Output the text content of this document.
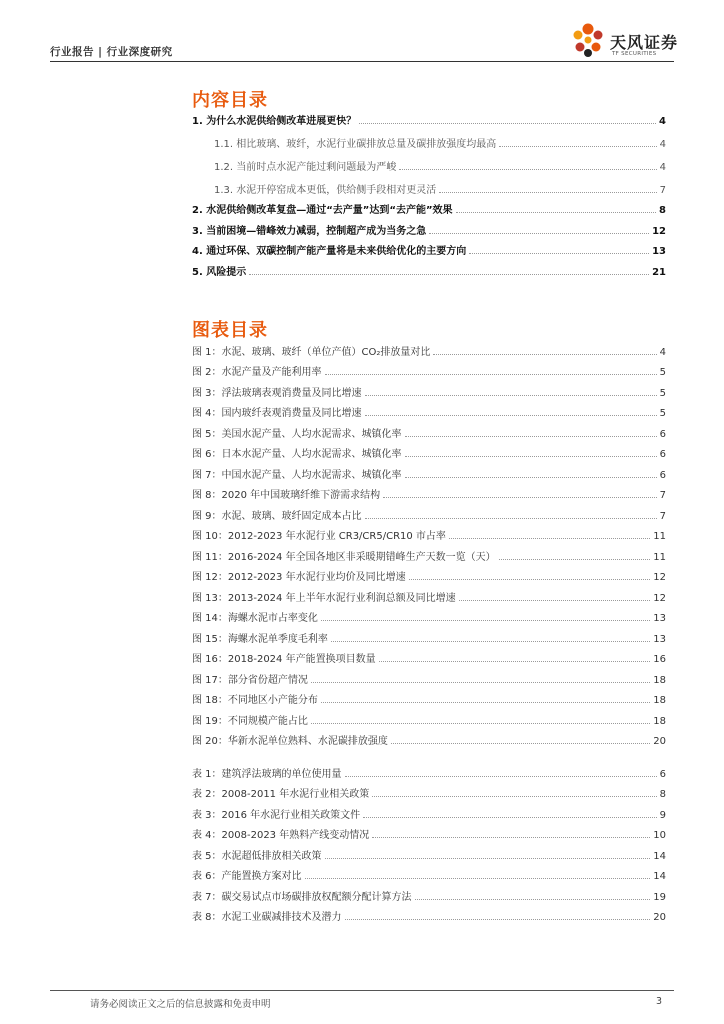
行业报告 | 行业深度研究	天风证券
TF SECURITIES
内容目录
1. 为什么水泥供给侧改革进展更快？	4
1.1. 相比玻璃、玻纤，水泥行业碳排放总量及碳排放强度均最高	4
1.2. 当前时点水泥产能过剩问题最为严峻	4
1.3. 水泥开停窑成本更低，供给侧手段相对更灵活	7
2. 水泥供给侧改革复盘—通过“去产量”达到“去产能”效果	8
3. 当前困境—错峰效力减弱，控制超产成为当务之急	12
4. 通过环保、双碳控制产能产量将是未来供给优化的主要方向	13
5. 风险提示	21
图表目录
图 1：水泥、玻璃、玻纤（单位产值）CO₂排放量对比	4
图 2：水泥产量及产能利用率	5
图 3：浮法玻璃表观消费量及同比增速	5
图 4：国内玻纤表观消费量及同比增速	5
图 5：美国水泥产量、人均水泥需求、城镇化率	6
图 6：日本水泥产量、人均水泥需求、城镇化率	6
图 7：中国水泥产量、人均水泥需求、城镇化率	6
图 8：2020 年中国玻璃纤维下游需求结构	7
图 9：水泥、玻璃、玻纤固定成本占比	7
图 10：2012-2023 年水泥行业 CR3/CR5/CR10 市占率	11
图 11：2016-2024 年全国各地区非采暖期错峰生产天数一览（天）	11
图 12：2012-2023 年水泥行业均价及同比增速	12
图 13：2013-2024 年上半年水泥行业利润总额及同比增速	12
图 14：海螺水泥市占率变化	13
图 15：海螺水泥单季度毛利率	13
图 16：2018-2024 年产能置换项目数量	16
图 17：部分省份超产情况	18
图 18：不同地区小产能分布	18
图 19：不同规模产能占比	18
图 20：华新水泥单位熟料、水泥碳排放强度	20
表 1：建筑浮法玻璃的单位使用量	6
表 2：2008-2011 年水泥行业相关政策	8
表 3：2016 年水泥行业相关政策文件	9
表 4：2008-2023 年熟料产线变动情况	10
表 5：水泥超低排放相关政策	14
表 6：产能置换方案对比	14
表 7：碳交易试点市场碳排放权配额分配计算方法	19
表 8：水泥工业碳减排技术及潜力	20
请务必阅读正文之后的信息披露和免责申明	3
